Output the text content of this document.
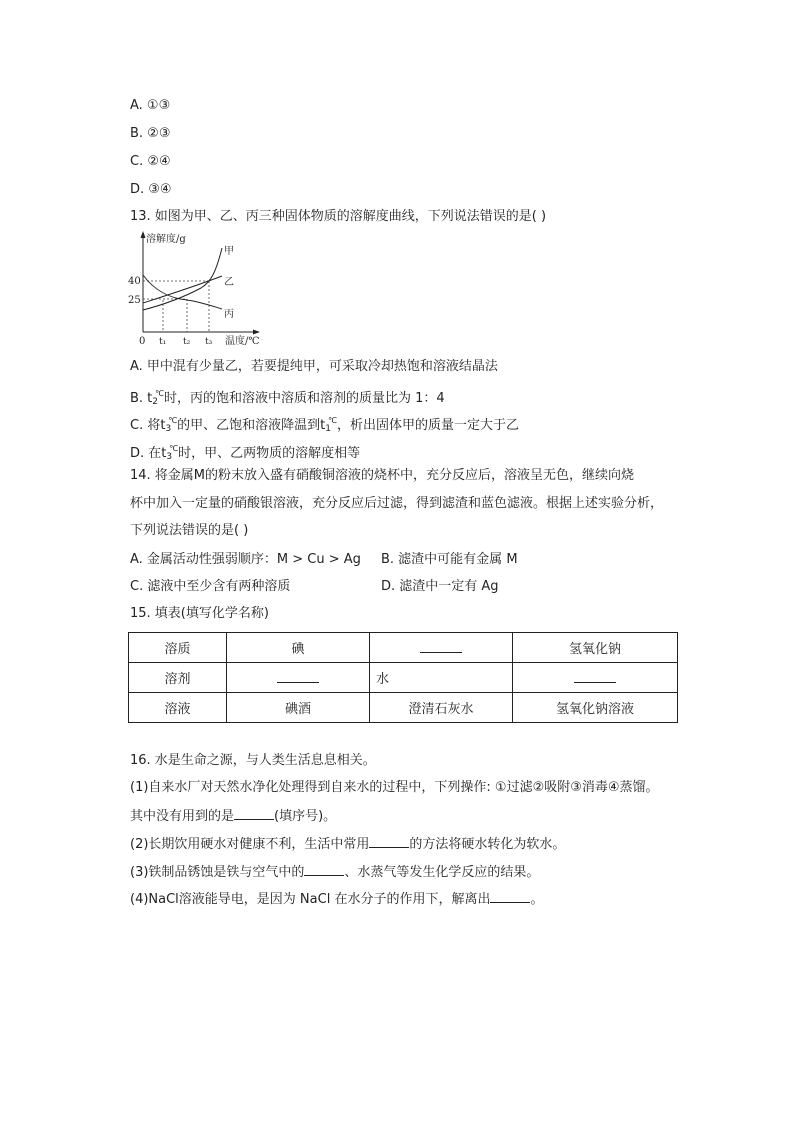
A. ①③
B. ②③
C. ②④
D. ③④
13. 如图为甲、乙、丙三种固体物质的溶解度曲线，下列说法错误的是( )
溶解度/g
温度/℃
0
40
25
t₁ t₂ t₃
甲
乙
丙
A. 甲中混有少量乙，若要提纯甲，可采取冷却热饱和溶液结晶法
B. $t_2^℃$时，丙的饱和溶液中溶质和溶剂的质量比为 1：4
C. 将$t_3^℃$的甲、乙饱和溶液降温到$t_1^℃$，析出固体甲的质量一定大于乙
D. 在$t_3^℃$时，甲、乙两物质的溶解度相等
14. 将金属M的粉末放入盛有硝酸铜溶液的烧杯中，充分反应后，溶液呈无色，继续向烧
杯中加入一定量的硝酸银溶液，充分反应后过滤，得到滤渣和蓝色滤液。根据上述实验分析，
下列说法错误的是( )
A. 金属活动性强弱顺序：M > Cu > Ag B. 滤渣中可能有金属 M
C. 滤液中至少含有两种溶质	D. 滤渣中一定有 Ag
15. 填表(填写化学名称)
溶质	碘		氢氧化钠
溶剂		水	
溶液	碘酒	澄清石灰水	氢氧化钠溶液
16. 水是生命之源，与人类生活息息相关。
(1)自来水厂对天然水净化处理得到自来水的过程中，下列操作: ①过滤②吸附③消毒④蒸馏。
其中没有用到的是	(填序号)。
(2)长期饮用硬水对健康不利，生活中常用	的方法将硬水转化为软水。
(3)铁制品锈蚀是铁与空气中的	、水蒸气等发生化学反应的结果。
(4)NaCl溶液能导电，是因为 NaCl 在水分子的作用下，解离出	。
